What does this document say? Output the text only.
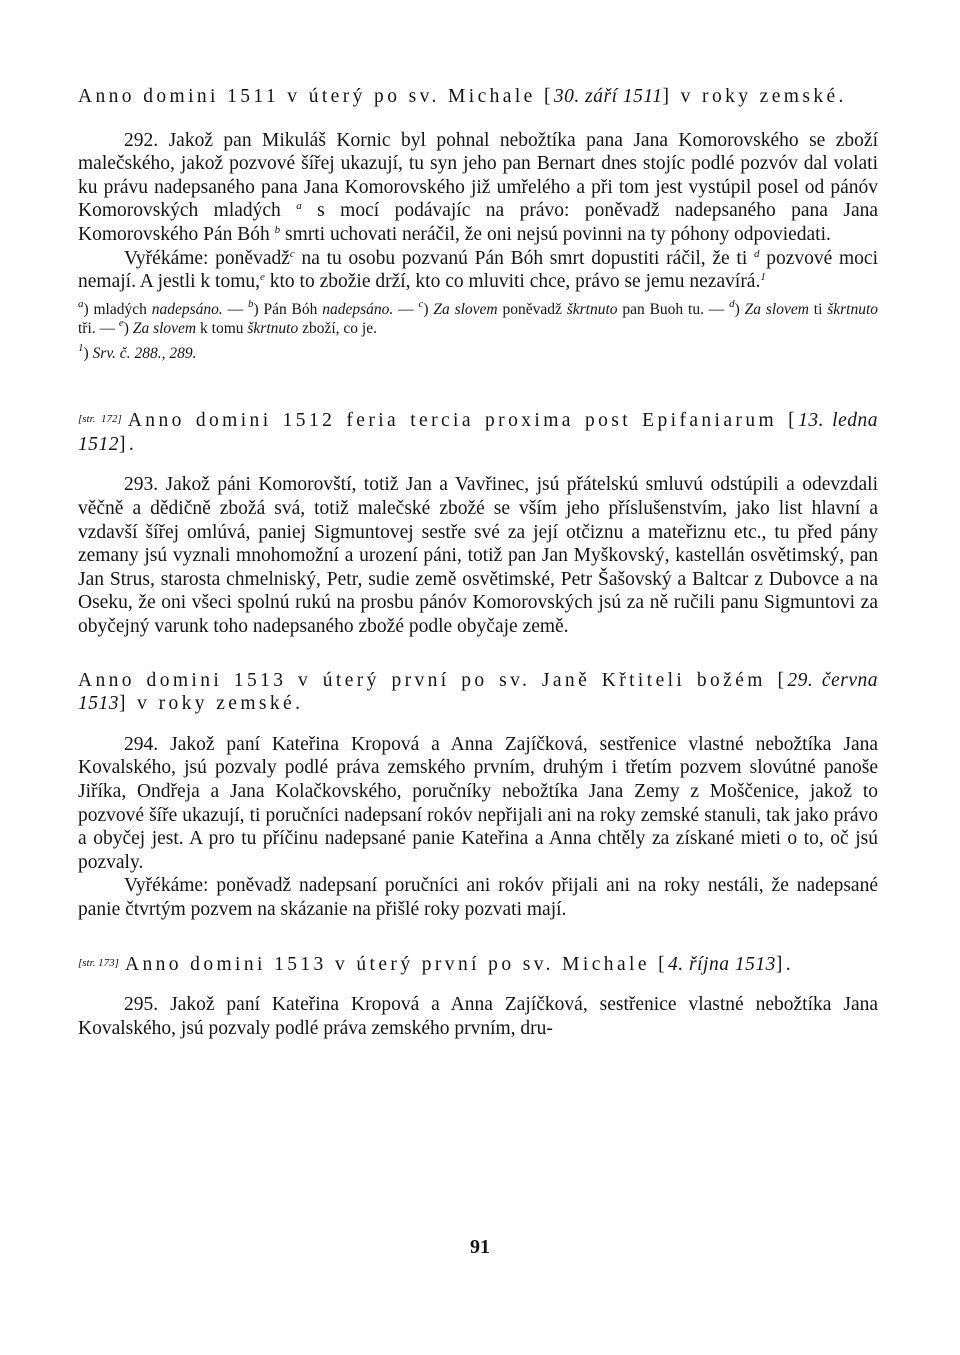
Anno domini 1511 v úterý po sv. Michale [30. září 1511] v roky zemské.

292. Jakož pan Mikuláš Kornic byl pohnal nebožtíka pana Jana Komorovského se zboží malečského, jakož pozvové šířej ukazují, tu syn jeho pan Bernart dnes stojíc podlé pozvóv dal volati ku právu nadepsaného pana Jana Komorovského již umřelého a při tom jest vystúpil posel od pánóv Komorovských mladých $^a$ s mocí podávajíc na právo: poněvadž nadepsaného pana Jana Komorovského Pán Bóh $^b$ smrti uchovati neráčil, že oni nejsú povinni na ty póhony odpoviedati.

Vyřékáme: poněvadž$^c$ na tu osobu pozvanú Pán Bóh smrt dopustiti ráčil, že ti $^d$ pozvové moci nemají. A jestli k tomu,$^e$ kto to zbožie drží, kto co mluviti chce, právo se jemu nezavírá.$^1$

$^a$) mladých nadepsáno. — $^b$) Pán Bóh nadepsáno. — $^c$) Za slovem poněvadž škrtnuto pan Buoh tu. — $^d$) Za slovem ti škrtnuto tři. — $^e$) Za slovem k tomu škrtnuto zboží, co je.

$^1$) Srv. č. 288., 289.

[str. 172] Anno domini 1512 feria tercia proxima post Epifaniarum [13. ledna 1512].

293. Jakož páni Komorovští, totiž Jan a Vavřinec, jsú přátelskú smluvú odstúpili a odevzdali věčně a dědičně zbožá svá, totiž malečské zbožé se vším jeho příslušenstvím, jako list hlavní a vzdavší šířej omlúvá, paniej Sigmuntovej sestře své za její otčiznu a mateřiznu etc., tu před pány zemany jsú vyznali mnohomožní a urození páni, totiž pan Jan Myškovský, kastellán osvětimský, pan Jan Strus, starosta chmelniský, Petr, sudie země osvětimské, Petr Šašovský a Baltcar z Dubovce a na Oseku, že oni všeci spolnú rukú na prosbu pánóv Komorovských jsú za ně ručili panu Sigmuntovi za obyčejný varunk toho nadepsaného zbožé podle obyčaje země.

Anno domini 1513 v úterý první po sv. Janě Křtiteli božém [29. června 1513] v roky zemské.

294. Jakož paní Kateřina Kropová a Anna Zajíčková, sestřenice vlastné nebožtíka Jana Kovalského, jsú pozvaly podlé práva zemského prvním, druhým i třetím pozvem slovútné panoše Jiříka, Ondřeja a Jana Kolačkovského, poručníky nebožtíka Jana Zemy z Moščenice, jakož to pozvové šíře ukazují, ti poručníci nadepsaní rokóv nepřijali ani na roky zemské stanuli, tak jako právo a obyčej jest. A pro tu příčinu nadepsané panie Kateřina a Anna chtěly za získané mieti o to, oč jsú pozvaly.

Vyřékáme: poněvadž nadepsaní poručníci ani rokóv přijali ani na roky nestáli, že nadepsané panie čtvrtým pozvem na skázanie na přišlé roky pozvati mají.

[str. 173] Anno domini 1513 v úterý první po sv. Michale [4. října 1513].

295. Jakož paní Kateřina Kropová a Anna Zajíčková, sestřenice vlastné nebožtíka Jana Kovalského, jsú pozvaly podlé práva zemského prvním, dru-

91
